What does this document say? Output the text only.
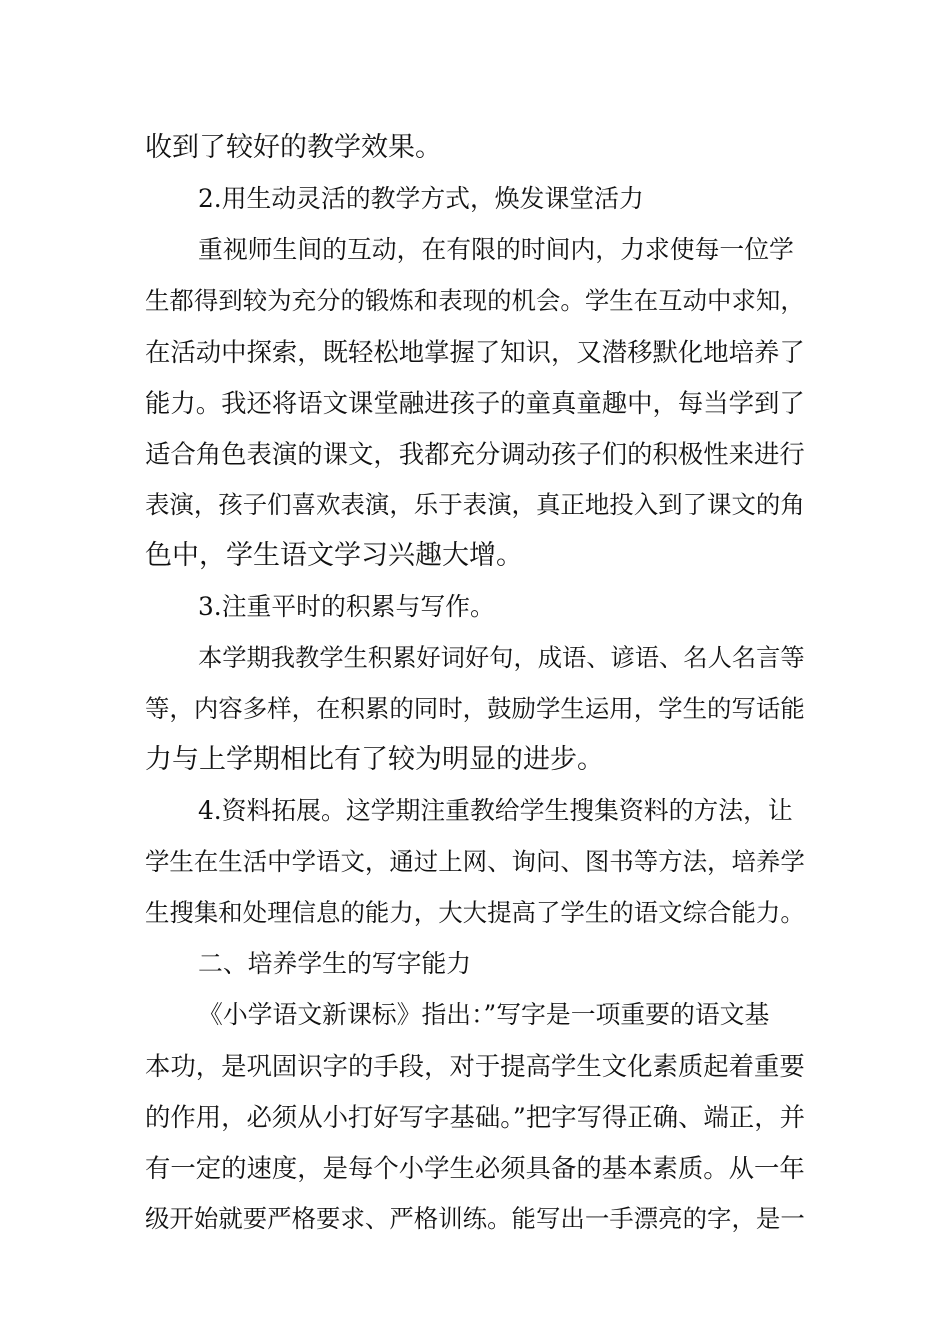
收到了较好的教学效果。
2.用生动灵活的教学方式，焕发课堂活力
重视师生间的互动，在有限的时间内，力求使每一位学
生都得到较为充分的锻炼和表现的机会。学生在互动中求知，
在活动中探索，既轻松地掌握了知识，又潜移默化地培养了
能力。我还将语文课堂融进孩子的童真童趣中，每当学到了
适合角色表演的课文，我都充分调动孩子们的积极性来进行
表演，孩子们喜欢表演，乐于表演，真正地投入到了课文的角
色中，学生语文学习兴趣大增。
3.注重平时的积累与写作。
本学期我教学生积累好词好句，成语、谚语、名人名言等
等，内容多样，在积累的同时，鼓励学生运用，学生的写话能
力与上学期相比有了较为明显的进步。
4.资料拓展。这学期注重教给学生搜集资料的方法，让
学生在生活中学语文，通过上网、询问、图书等方法，培养学
生搜集和处理信息的能力，大大提高了学生的语文综合能力。
二、培养学生的写字能力
《小学语文新课标》指出：”写字是一项重要的语文基
本功，是巩固识字的手段，对于提高学生文化素质起着重要
的作用，必须从小打好写字基础。”把字写得正确、端正，并
有一定的速度，是每个小学生必须具备的基本素质。从一年
级开始就要严格要求、严格训练。能写出一手漂亮的字，是一
